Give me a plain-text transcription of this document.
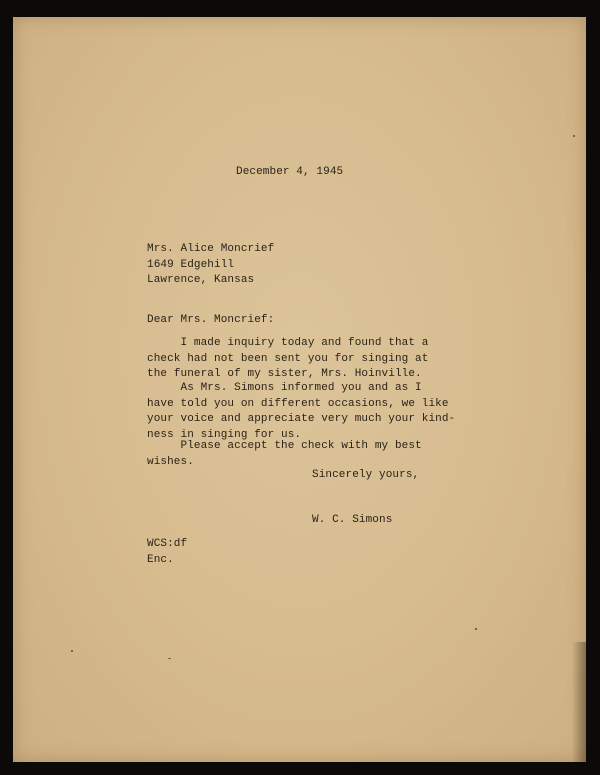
December 4, 1945

Mrs. Alice Moncrief
1649 Edgehill
Lawrence, Kansas

Dear Mrs. Moncrief:

I made inquiry today and found that a
check had not been sent you for singing at
the funeral of my sister, Mrs. Hoinville.
As Mrs. Simons informed you and as I
have told you on different occasions, we like
your voice and appreciate very much your kind-
ness in singing for us.
Please accept the check with my best
wishes.

Sincerely yours,

W. C. Simons

WCS:df
Enc.
